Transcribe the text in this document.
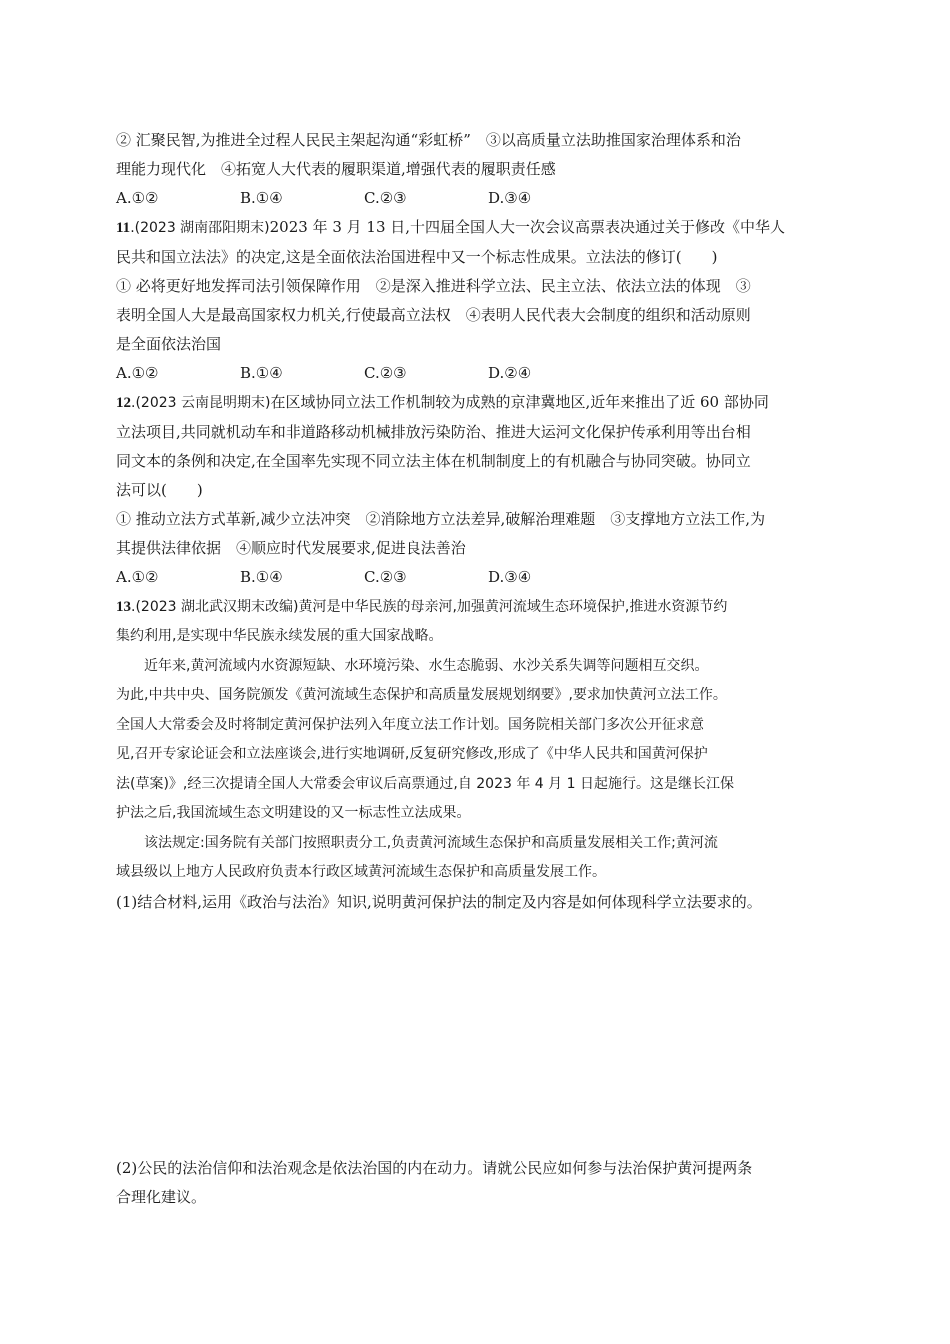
② 汇聚民智,为推进全过程人民民主架起沟通“彩虹桥”　③以高质量立法助推国家治理体系和治
理能力现代化　④拓宽人大代表的履职渠道,增强代表的履职责任感
A.①②	B.①④	C.②③	D.③④
11.(2023 湖南邵阳期末)2023 年 3 月 13 日,十四届全国人大一次会议高票表决通过关于修改《中华人
民共和国立法法》的决定,这是全面依法治国进程中又一个标志性成果。立法法的修订(　　)
① 必将更好地发挥司法引领保障作用　②是深入推进科学立法、民主立法、依法立法的体现　③
表明全国人大是最高国家权力机关,行使最高立法权　④表明人民代表大会制度的组织和活动原则
是全面依法治国
A.①②	B.①④	C.②③	D.②④
12.(2023 云南昆明期末)在区域协同立法工作机制较为成熟的京津冀地区,近年来推出了近 60 部协同
立法项目,共同就机动车和非道路移动机械排放污染防治、推进大运河文化保护传承利用等出台相
同文本的条例和决定,在全国率先实现不同立法主体在机制制度上的有机融合与协同突破。协同立
法可以(　　)
① 推动立法方式革新,减少立法冲突　②消除地方立法差异,破解治理难题　③支撑地方立法工作,为
其提供法律依据　④顺应时代发展要求,促进良法善治
A.①②	B.①④	C.②③	D.③④
13.(2023 湖北武汉期末改编)黄河是中华民族的母亲河,加强黄河流域生态环境保护,推进水资源节约
集约利用,是实现中华民族永续发展的重大国家战略。
近年来,黄河流域内水资源短缺、水环境污染、水生态脆弱、水沙关系失调等问题相互交织。
为此,中共中央、国务院颁发《黄河流域生态保护和高质量发展规划纲要》,要求加快黄河立法工作。
全国人大常委会及时将制定黄河保护法列入年度立法工作计划。国务院相关部门多次公开征求意
见,召开专家论证会和立法座谈会,进行实地调研,反复研究修改,形成了《中华人民共和国黄河保护
法(草案)》,经三次提请全国人大常委会审议后高票通过,自 2023 年 4 月 1 日起施行。这是继长江保
护法之后,我国流域生态文明建设的又一标志性立法成果。
该法规定:国务院有关部门按照职责分工,负责黄河流域生态保护和高质量发展相关工作;黄河流
域县级以上地方人民政府负责本行政区域黄河流域生态保护和高质量发展工作。
(1)结合材料,运用《政治与法治》知识,说明黄河保护法的制定及内容是如何体现科学立法要求的。
(2)公民的法治信仰和法治观念是依法治国的内在动力。请就公民应如何参与法治保护黄河提两条
合理化建议。
